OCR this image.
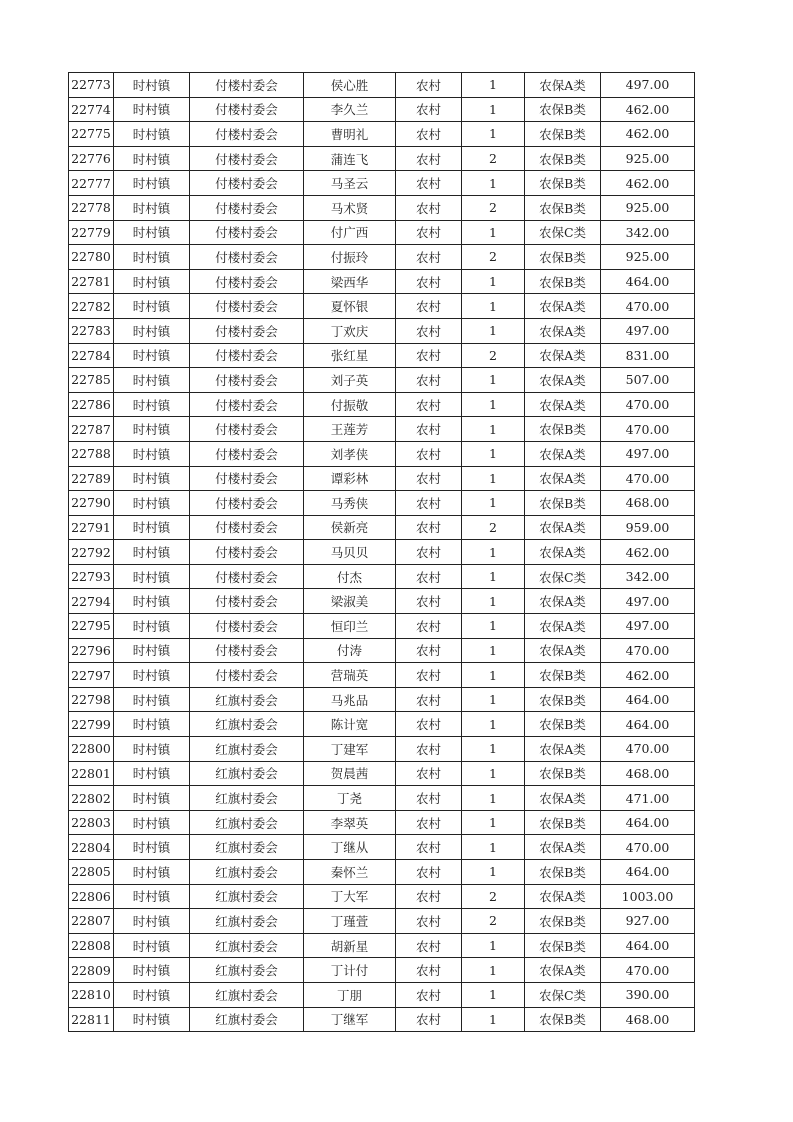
22773	时村镇	付楼村委会	侯心胜	农村	1	农保A类	497.00
22774	时村镇	付楼村委会	李久兰	农村	1	农保B类	462.00
22775	时村镇	付楼村委会	曹明礼	农村	1	农保B类	462.00
22776	时村镇	付楼村委会	蒲连飞	农村	2	农保B类	925.00
22777	时村镇	付楼村委会	马圣云	农村	1	农保B类	462.00
22778	时村镇	付楼村委会	马术贤	农村	2	农保B类	925.00
22779	时村镇	付楼村委会	付广西	农村	1	农保C类	342.00
22780	时村镇	付楼村委会	付振玲	农村	2	农保B类	925.00
22781	时村镇	付楼村委会	梁西华	农村	1	农保B类	464.00
22782	时村镇	付楼村委会	夏怀银	农村	1	农保A类	470.00
22783	时村镇	付楼村委会	丁欢庆	农村	1	农保A类	497.00
22784	时村镇	付楼村委会	张红星	农村	2	农保A类	831.00
22785	时村镇	付楼村委会	刘子英	农村	1	农保A类	507.00
22786	时村镇	付楼村委会	付振敬	农村	1	农保A类	470.00
22787	时村镇	付楼村委会	王莲芳	农村	1	农保B类	470.00
22788	时村镇	付楼村委会	刘孝侠	农村	1	农保A类	497.00
22789	时村镇	付楼村委会	谭彩林	农村	1	农保A类	470.00
22790	时村镇	付楼村委会	马秀侠	农村	1	农保B类	468.00
22791	时村镇	付楼村委会	侯新亮	农村	2	农保A类	959.00
22792	时村镇	付楼村委会	马贝贝	农村	1	农保A类	462.00
22793	时村镇	付楼村委会	付杰	农村	1	农保C类	342.00
22794	时村镇	付楼村委会	梁淑美	农村	1	农保A类	497.00
22795	时村镇	付楼村委会	恒印兰	农村	1	农保A类	497.00
22796	时村镇	付楼村委会	付涛	农村	1	农保A类	470.00
22797	时村镇	付楼村委会	营瑞英	农村	1	农保B类	462.00
22798	时村镇	红旗村委会	马兆品	农村	1	农保B类	464.00
22799	时村镇	红旗村委会	陈计宽	农村	1	农保B类	464.00
22800	时村镇	红旗村委会	丁建军	农村	1	农保A类	470.00
22801	时村镇	红旗村委会	贺晨茜	农村	1	农保B类	468.00
22802	时村镇	红旗村委会	丁尧	农村	1	农保A类	471.00
22803	时村镇	红旗村委会	李翠英	农村	1	农保B类	464.00
22804	时村镇	红旗村委会	丁继从	农村	1	农保A类	470.00
22805	时村镇	红旗村委会	秦怀兰	农村	1	农保B类	464.00
22806	时村镇	红旗村委会	丁大军	农村	2	农保A类	1003.00
22807	时村镇	红旗村委会	丁瑾萱	农村	2	农保B类	927.00
22808	时村镇	红旗村委会	胡新星	农村	1	农保B类	464.00
22809	时村镇	红旗村委会	丁计付	农村	1	农保A类	470.00
22810	时村镇	红旗村委会	丁朋	农村	1	农保C类	390.00
22811	时村镇	红旗村委会	丁继军	农村	1	农保B类	468.00
